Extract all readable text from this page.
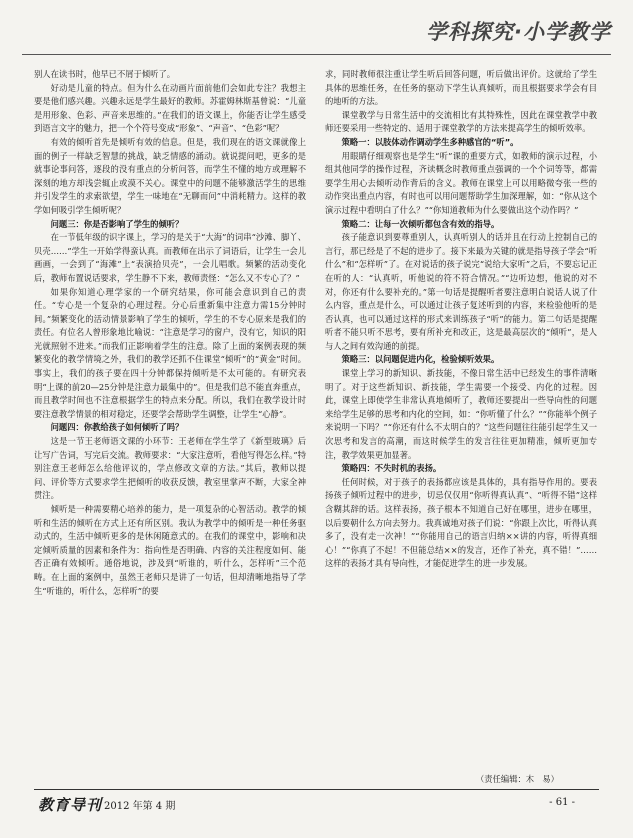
学科探究·小学教学

别人在读书时，他早已不屑于倾听了。

好动是儿童的特点。但为什么在动画片面前他们会如此专注？我想主要是他们感兴趣。兴趣永远是学生最好的教师。苏霍姆林斯基曾说：“儿童是用形象、色彩、声音来思维的。”在我们的语文课上，你能否让学生感受到语言文字的魅力，把一个个符号变成“形象”、“声音”、“色彩”呢？

有效的倾听首先是倾听有效的信息。但是，我们现在的语文课就像上面的例子一样缺乏智慧的挑战，缺乏情感的涌动。就说提问吧，更多的是就事论事问答，逐段的没有重点的分析问答，而学生不懂的地方或理解不深刻的地方却浅尝辄止或漠不关心。课堂中的问题不能够激活学生的思维并引发学生的求索欲望，学生一味地在“无聊而问”中消耗精力。这样的教学如何吸引学生倾听呢？

问题三：你是否影响了学生的倾听？

在一节低年级的识字课上，学习的是关于“大海”的词串“沙滩、脚丫、贝壳……”学生一开始学得蛮认真。而教师在出示了词语后，让学生一会儿画画，一会到了“海滩”上“表演拾贝壳”，一会儿唱歌。频繁的活动变化后，教师布置说话要求，学生静不下来，教师责怪：“怎么又不专心了？”

如果你知道心理学家的一个研究结果，你可能会意识到自己的责任。“专心是一个复杂的心理过程。分心后重新集中注意力需15分钟时间。”频繁变化的活动情景影响了学生的倾听，学生的不专心原来是我们的责任。有位名人曾形象地比喻说：“注意是学习的窗户，没有它，知识的阳光就照射不进来。”而我们正影响着学生的注意。除了上面的案例表现的频繁变化的教学情境之外，我们的教学还抓不住课堂“倾听”的“黄金”时间。事实上，我们的孩子要在四十分钟都保持倾听是不太可能的。有研究表明“上课的前20—25分钟是注意力最集中的”。但是我们总不能直奔重点，而且教学时间也不注意根据学生的特点来分配。所以，我们在教学设计时要注意教学情景的相对稳定，还要学会帮助学生调整，让学生“心静”。

问题四：你教给孩子如何倾听了吗？

这是一节王老师语文课的小环节：王老师在学生学了《新型玻璃》后让写广告词，写完后交流。教师要求：“大家注意听，看他写得怎么样。”特别注意王老师怎么给他评议的，学点修改文章的方法。”其后，教师以提问、评价等方式要求学生把倾听的收获反馈，教室里掌声不断，大家全神贯注。

倾听是一种需要精心培养的能力，是一项复杂的心智活动。教学的倾听和生活的倾听在方式上还有所区别。我认为教学中的倾听是一种任务驱动式的，生活中倾听更多的是休闲随意式的。在我们的课堂中，影响和决定倾听质量的因素和条件为：指向性是否明确、内容的关注程度如何、能否正确有效倾听。通俗地说，涉及到“听谁的，听什么，怎样听”三个范畴。在上面的案例中，虽然王老师只是讲了一句话，但却清晰地指导了学生“听谁的，听什么，怎样听”的要

求，同时教师很注重让学生听后回答问题，听后做出评价。这就给了学生具体的思维任务，在任务的驱动下学生认真倾听，而且根据要求学会有目的地听的方法。

课堂教学与日常生活中的交流相比有其特殊性，因此在课堂教学中教师还要采用一些特定的、适用于课堂教学的方法来提高学生的倾听效率。

策略一：以肢体动作调动学生多种感官的“听”。

用眼睛仔细观察也是学生“听”课的重要方式，如教师的演示过程，小组其他同学的操作过程，齐读概念时教师重点强调的一个个词等等，都需要学生用心去倾听动作背后的含义。教师在课堂上可以用略微夸张一些的动作突出重点内容，有时也可以用问题帮助学生加深理解，如：“你从这个演示过程中看明白了什么？”“你知道教师为什么要做出这个动作吗？”

策略二：让每一次倾听都包含有效的指导。

孩子能意识到要尊重别人，认真听别人的话并且在行动上控制自己的言行，那已经是了不起的进步了。接下来最为关键的就是指导孩子学会“听什么”和“怎样听”了。在对说话的孩子说完“说给大家听”之后，不要忘记正在听的人：“认真听，听他说的符不符合情况。”“边听边想，他说的对不对，你还有什么要补充的。”第一句话是提醒听者要注意明白说话人说了什么内容，重点是什么，可以通过让孩子复述听到的内容，来检验他听的是否认真，也可以通过这样的形式来训练孩子“听”的能力。第二句话是提醒听者不能只听不思考，要有所补充和改正，这是最高层次的“倾听”，是人与人之间有效沟通的前提。

策略三：以问题促进内化，检验倾听效果。

课堂上学习的新知识、新技能，不像日常生活中已经发生的事件清晰明了。对于这些新知识、新技能，学生需要一个接受、内化的过程。因此，课堂上即使学生非常认真地倾听了，教师还要提出一些导向性的问题来给学生足够的思考和内化的空间，如：“你听懂了什么？”“你能举个例子来说明一下吗？”“你还有什么不太明白的？”这些问题往往能引起学生又一次思考和发言的高潮，而这时候学生的发言往往更加精准，倾听更加专注，教学效果更加显著。

策略四：不失时机的表扬。

任何时候，对于孩子的表扬都应该是具体的，具有指导作用的。要表扬孩子倾听过程中的进步，切忌仅仅用“你听得真认真”、“听得不错”这样含糊其辞的话。这样表扬，孩子根本不知道自己好在哪里，进步在哪里，以后要朝什么方向去努力。我真诚地对孩子们说：“你跟上次比，听得认真多了，没有走一次神！”“你能用自己的语言归纳××讲的内容，听得真细心！”“你真了不起！不但能总结××的发言，还作了补充，真不错！”……这样的表扬才具有导向性，才能促进学生的进一步发展。

（责任编辑：木　易）
教育导刊 2012 年第 4 期	- 61 -
